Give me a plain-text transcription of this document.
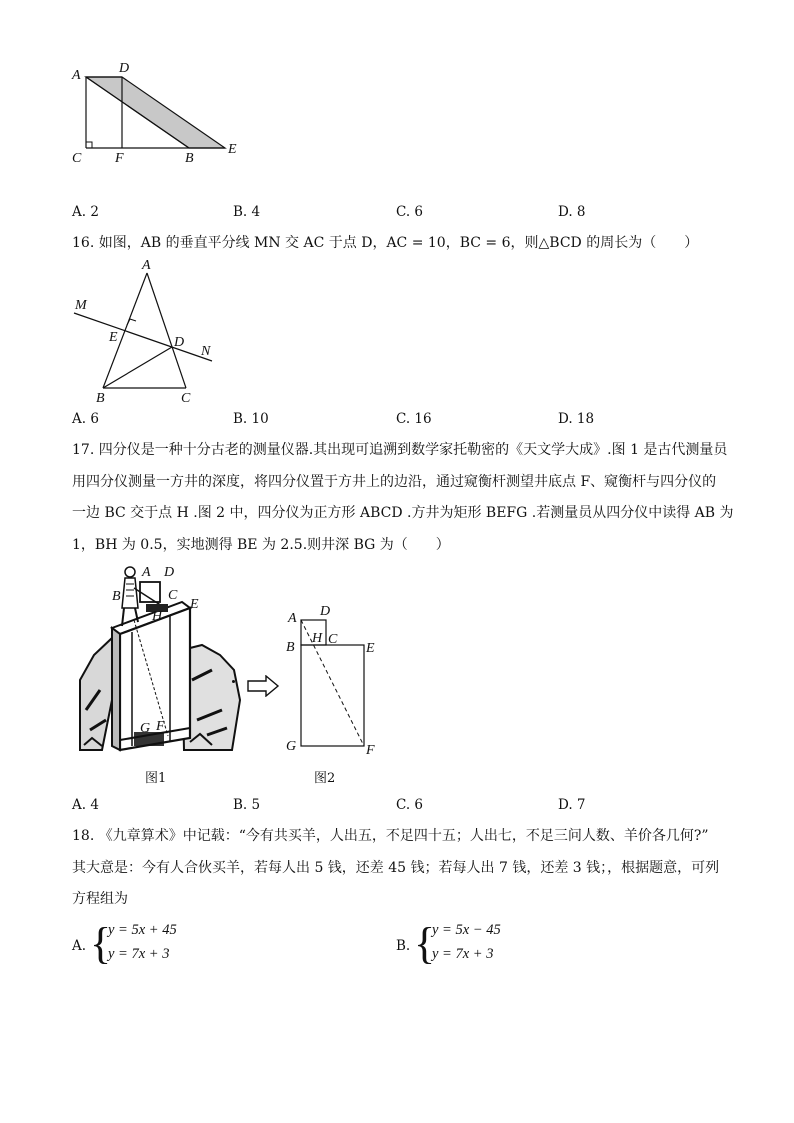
A	D
C F	B
E
A. 2	B. 4	C. 6	D. 8
16. 如图，AB 的垂直平分线 MN 交 AC 于点 D，AC = 10，BC = 6，则△BCD 的周长为（　　）
A
M
E	D
N
B	C
A. 6	B. 10	C. 16	D. 18
17. 四分仪是一种十分古老的测量仪器.其出现可追溯到数学家托勒密的《天文学大成》.图 1 是古代测量员
用四分仪测量一方井的深度，将四分仪置于方井上的边沿，通过窥衡杆测望井底点 F、窥衡杆与四分仪的
一边 BC 交于点 H .图 2 中，四分仪为正方形 ABCD .方井为矩形 BEFG .若测量员从四分仪中读得 AB 为
1，BH 为 0.5，实地测得 BE 为 2.5.则井深 BG 为（　　）
A D
B	C
E
H
G F
A D
B
H C
E
G	F
图1	图2
A. 4	B. 5	C. 6	D. 7
18. 《九章算术》中记载：“今有共买羊，人出五，不足四十五；人出七，不足三问人数、羊价各几何?”
其大意是：今有人合伙买羊，若每人出 5 钱，还差 45 钱；若每人出 7 钱，还差 3 钱；，根据题意，可列
方程组为
A. {
y = 5x + 45
y = 7x + 3	B. {
y = 5x − 45
y = 7x + 3
